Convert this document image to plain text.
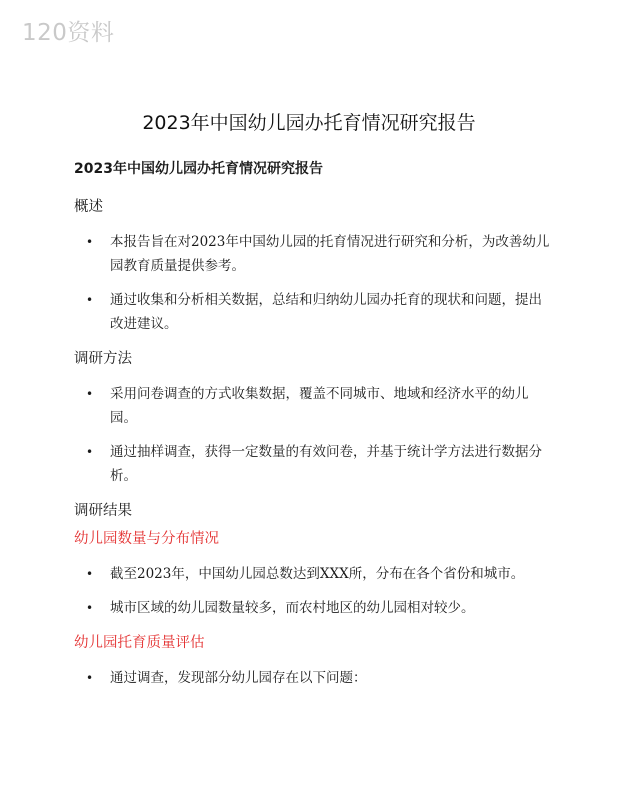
120资料
2023年中国幼儿园办托育情况研究报告
2023年中国幼儿园办托育情况研究报告
概述
• 本报告旨在对2023年中国幼儿园的托育情况进行研究和分析，为改善幼儿园教育质量提供参考。
• 通过收集和分析相关数据，总结和归纳幼儿园办托育的现状和问题，提出改进建议。
调研方法
• 采用问卷调查的方式收集数据，覆盖不同城市、地域和经济水平的幼儿园。
• 通过抽样调查，获得一定数量的有效问卷，并基于统计学方法进行数据分析。
调研结果
幼儿园数量与分布情况
• 截至2023年，中国幼儿园总数达到XXX所，分布在各个省份和城市。
• 城市区域的幼儿园数量较多，而农村地区的幼儿园相对较少。
幼儿园托育质量评估
• 通过调查，发现部分幼儿园存在以下问题：
